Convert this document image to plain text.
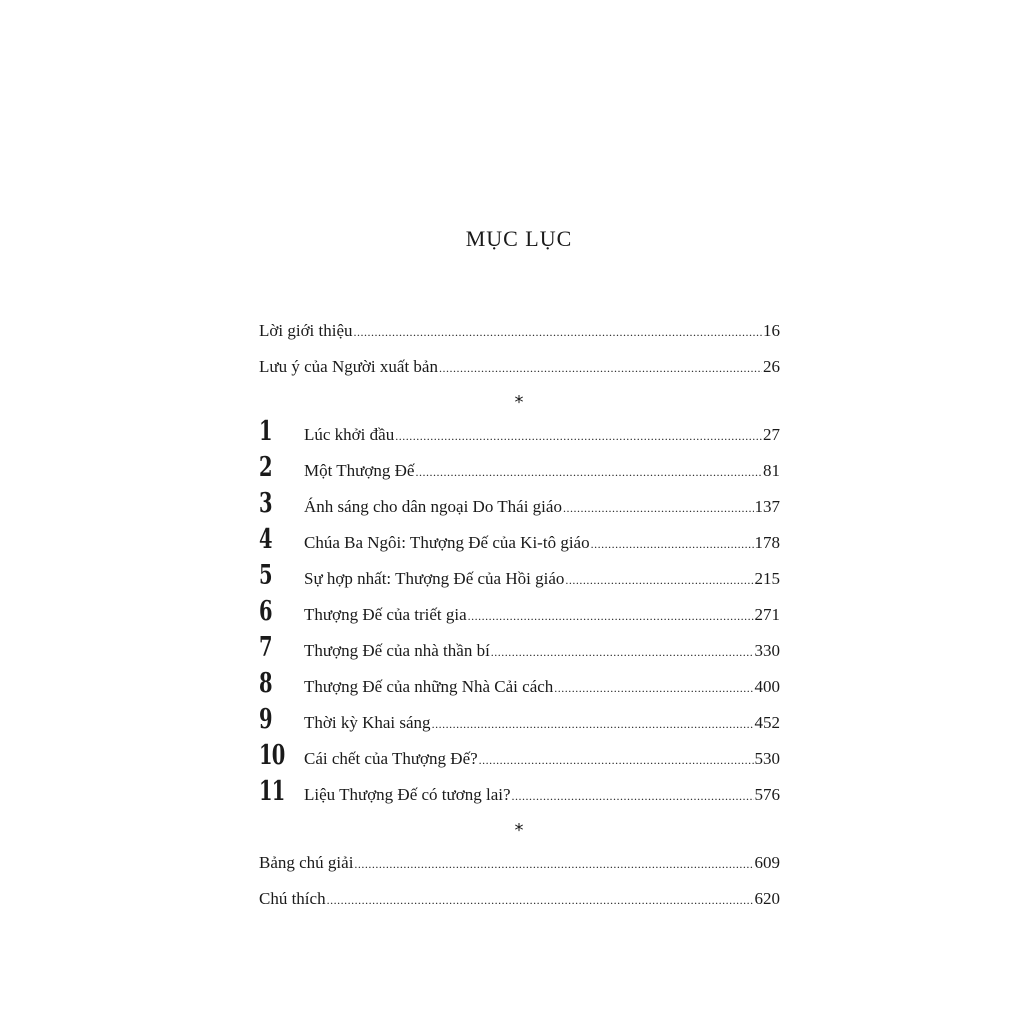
MỤC LỤC
Lời giới thiệu .....	16
Lưu ý của Người xuất bản .....	26
1 Lúc khởi đầu .....	27
2 Một Thượng Đế .....	81
3 Ánh sáng cho dân ngoại Do Thái giáo .....	137
4 Chúa Ba Ngôi: Thượng Đế của Ki-tô giáo .....	178
5 Sự hợp nhất: Thượng Đế của Hồi giáo .....	215
6 Thượng Đế của triết gia .....	271
7 Thượng Đế của nhà thần bí .....	330
8 Thượng Đế của những Nhà Cải cách .....	400
9 Thời kỳ Khai sáng .....	452
10 Cái chết của Thượng Đế? .....	530
11 Liệu Thượng Đế có tương lai? .....	576
Bảng chú giải .....	609
Chú thích .....	620
*
*
